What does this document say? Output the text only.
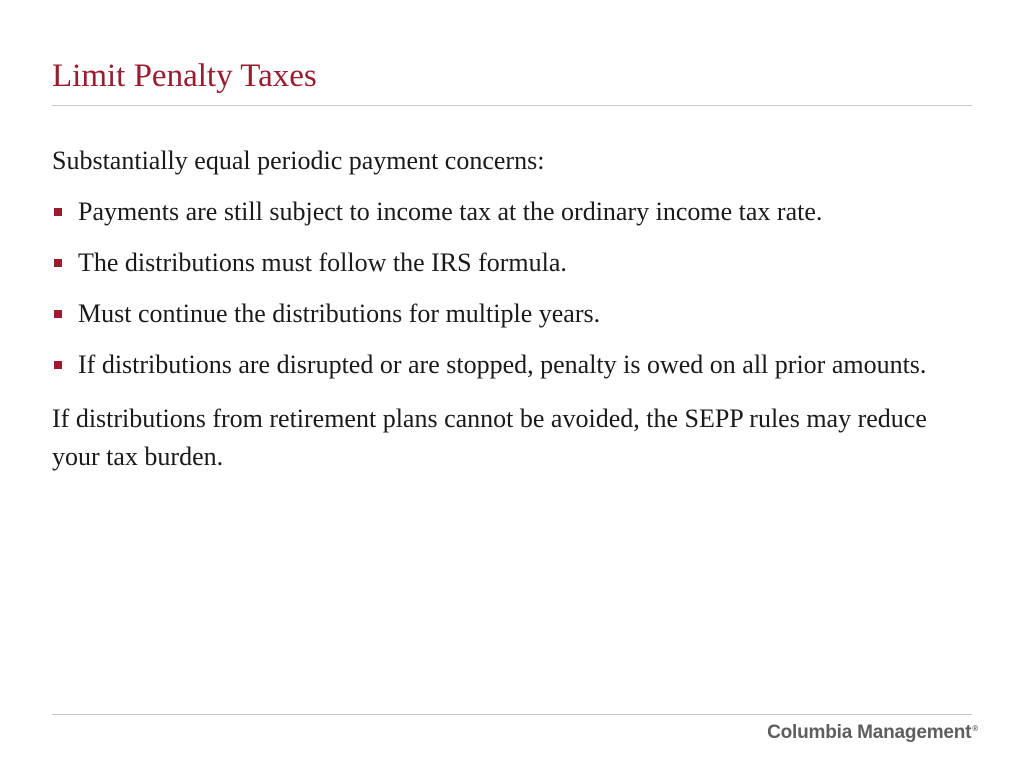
Limit Penalty Taxes

Substantially equal periodic payment concerns:

Payments are still subject to income tax at the ordinary income tax rate.
The distributions must follow the IRS formula.
Must continue the distributions for multiple years.
If distributions are disrupted or are stopped, penalty is owed on all prior amounts.

If distributions from retirement plans cannot be avoided, the SEPP rules may reduce your tax burden.

Columbia Management®
